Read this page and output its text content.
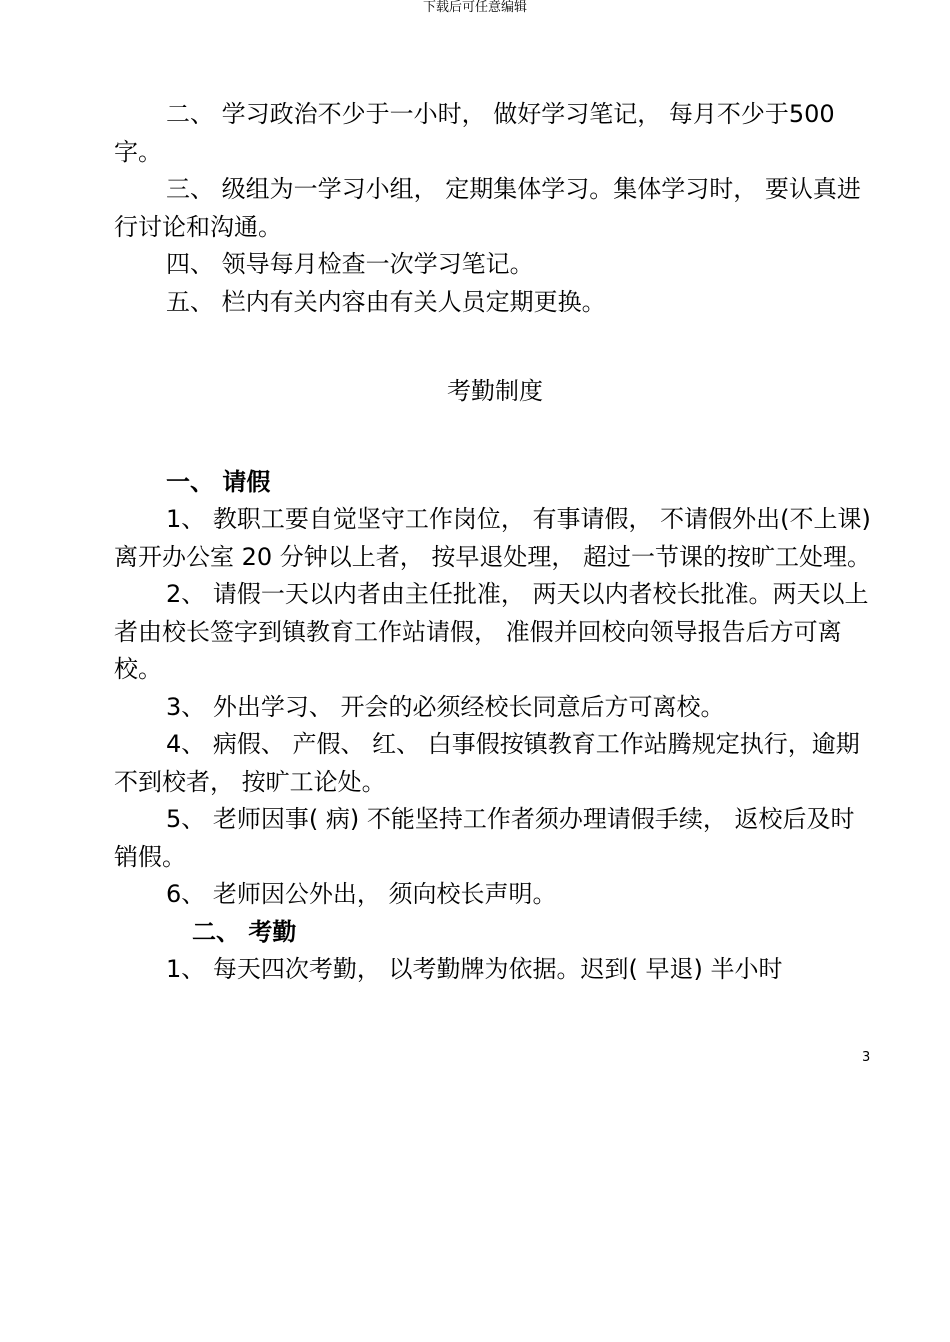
下载后可任意编辑

二、 学习政治不少于一小时， 做好学习笔记， 每月不少于500 字。

三、 级组为一学习小组， 定期集体学习。集体学习时， 要认真进行讨论和沟通。

四、 领导每月检查一次学习笔记。

五、 栏内有关内容由有关人员定期更换。

考勤制度

一、 请假

1、 教职工要自觉坚守工作岗位， 有事请假， 不请假外出(不上课) 离开办公室 20 分钟以上者， 按早退处理， 超过一节课的按旷工处理。

2、 请假一天以内者由主任批准， 两天以内者校长批准。两天以上者由校长签字到镇教育工作站请假， 准假并回校向领导报告后方可离校。

3、 外出学习、 开会的必须经校长同意后方可离校。

4、 病假、 产假、 红、 白事假按镇教育工作站腾规定执行，逾期不到校者， 按旷工论处。

5、 老师因事( 病) 不能坚持工作者须办理请假手续， 返校后及时销假。

6、 老师因公外出， 须向校长声明。

二、 考勤

1、 每天四次考勤， 以考勤牌为依据。迟到( 早退) 半小时

3
